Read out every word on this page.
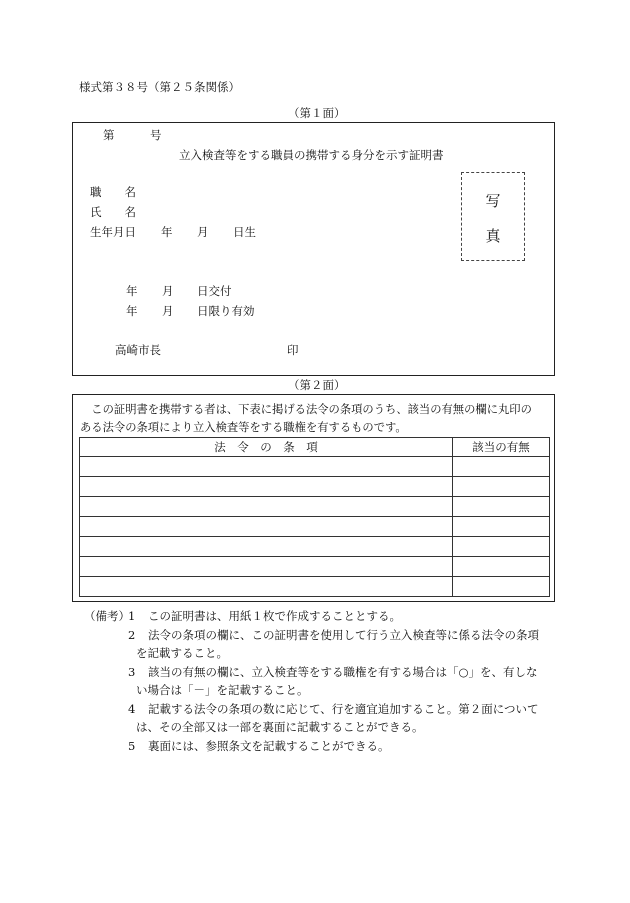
様式第３８号（第２５条関係）
（第１面）
第	号
立入検査等をする職員の携帯する身分を示す証明書
職　　名
氏　　名
生年月日 年 月 日生
写
真
年 月 日交付
年 月 日限り有効
高崎市長	印
（第２面）
　この証明書を携帯する者は、下表に掲げる法令の条項のうち、該当の有無の欄に丸印の
ある法令の条項により立入検査等をする職権を有するものです。
法　令　の　条　項	該当の有無

（備考）
1 この証明書は、用紙１枚で作成することとする。
2 法令の条項の欄に、この証明書を使用して行う立入検査等に係る法令の条項
を記載すること。
3 該当の有無の欄に、立入検査等をする職権を有する場合は「○」を、有しな
い場合は「－」を記載すること。
4 記載する法令の条項の数に応じて、行を適宜追加すること。第２面について
は、その全部又は一部を裏面に記載することができる。
5 裏面には、参照条文を記載することができる。
